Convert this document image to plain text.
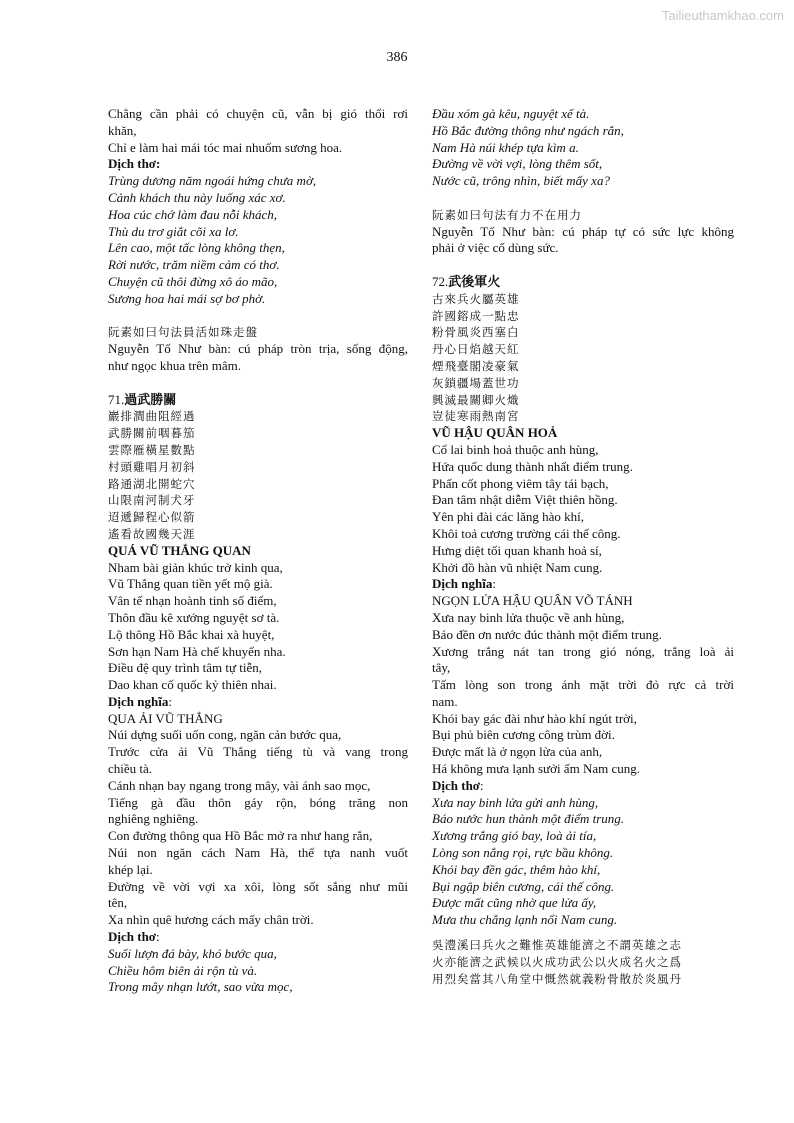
Tailieuthamkhao.com
386
Chẳng cần phải có chuyện cũ, vẫn bị gió thổi rơi
khăn,
Chỉ e làm hai mái tóc mai nhuốm sương hoa.
Dịch thơ:
Trùng dương năm ngoái hứng chưa mờ,
Cảnh khách thu này luống xác xơ.
Hoa cúc chớ làm đau nỗi khách,
Thù du trơ giắt cõi xa lơ.
Lên cao, một tấc lòng không thẹn,
Rời nước, trăm niềm cảm có thơ.
Chuyện cũ thôi đừng xô áo mão,
Sương hoa hai mái sợ bơ phờ.
阮素如曰句法員活如珠走盤
Nguyễn Tố Như bàn: cú pháp tròn trịa, sống động,
như ngọc khua trên mâm.
71.過武勝關
巖排澗曲阻經過
武勝關前咽暮笳
雲際雁橫星數點
村頭雞唱月初斜
路通湖北開蛇穴
山限南河制犬牙
迢遞歸程心似箭
遙看故國幾天涯
QUÁ VŨ THẮNG QUAN
Nham bài giản khúc trở kinh qua,
Vũ Thắng quan tiền yết mộ già.
Vân tế nhạn hoành tinh số điểm,
Thôn đầu kê xướng nguyệt sơ tà.
Lộ thông Hồ Bắc khai xà huyệt,
Sơn hạn Nam Hà chế khuyển nha.
Điều đệ quy trình tâm tự tiễn,
Dao khan cố quốc kỷ thiên nhai.
Dịch nghĩa:
QUA ẢI VŨ THẮNG
Núi dựng suối uốn cong, ngăn cản bước qua,
Trước cửa ải Vũ Thắng tiếng tù và vang trong
chiều tà.
Cánh nhạn bay ngang trong mây, vài ánh sao mọc,
Tiếng gà đầu thôn gáy rộn, bóng trăng non
nghiêng nghiêng.
Con đường thông qua Hồ Bắc mở ra như hang rắn,
Núi non ngăn cách Nam Hà, thế tựa nanh vuốt
khép lại.
Đường về vời vợi xa xôi, lòng sốt sắng như mũi
tên,
Xa nhìn quê hương cách mấy chân trời.
Dịch thơ:
Suối lượn đá bày, khó bước qua,
Chiều hôm biên ải rộn tù và.
Trong mây nhạn lướt, sao vừa mọc,
Đầu xóm gà kêu, nguyệt xế tà.
Hồ Bắc đường thông như ngách rắn,
Nam Hà núi khép tựa kìm a.
Đường về vời vợi, lòng thêm sốt,
Nước cũ, trông nhìn, biết mấy xa?
阮素如曰句法有力不在用力
Nguyễn Tố Như bàn: cú pháp tự có sức lực không
phải ở việc cố dùng sức.
72.武後軍火
古來兵火屬英雄
許國鎔成一點忠
粉骨風炎西塞白
丹心日焰越天紅
煙飛臺閣凌豪氣
灰鎖疆場蓋世功
興滅最關卿火熾
豈徒寒雨熱南宮
VŨ HẬU QUÂN HOẢ
Cổ lai binh hoả thuộc anh hùng,
Hứa quốc dung thành nhất điểm trung.
Phấn cốt phong viêm tây tái bạch,
Đan tâm nhật diễm Việt thiên hồng.
Yên phi đài các lăng hào khí,
Khôi toả cương trường cái thế công.
Hưng diệt tối quan khanh hoả sí,
Khởi đồ hàn vũ nhiệt Nam cung.
Dịch nghĩa:
NGỌN LỬA HẬU QUÂN VÕ TÁNH
Xưa nay binh lửa thuộc về anh hùng,
Báo đền ơn nước đúc thành một điểm trung.
Xương trắng nát tan trong gió nóng, trắng loà ải
tây,
Tấm lòng son trong ánh mặt trời đỏ rực cả trời
nam.
Khói bay gác đài như hào khí ngút trời,
Bụi phủ biên cương công trùm đời.
Được mất là ở ngọn lửa của anh,
Há không mưa lạnh sưởi ấm Nam cung.
Dịch thơ:
Xưa nay binh lửa gửi anh hùng,
Báo nước hun thành một điểm trung.
Xương trắng gió bay, loà ải tía,
Lòng son nắng rọi, rực bầu không.
Khói bay đền gác, thêm hào khí,
Bụi ngập biên cương, cái thế công.
Được mất cũng nhờ que lửa ấy,
Mưa thu chẳng lạnh nổi Nam cung.
吳澧溪曰兵火之難惟英雄能濟之不謂英雄之志
火亦能濟之武候以火成功武公以火成名火之爲
用烈矣當其八角堂中慨然就義粉骨散於炎風丹
